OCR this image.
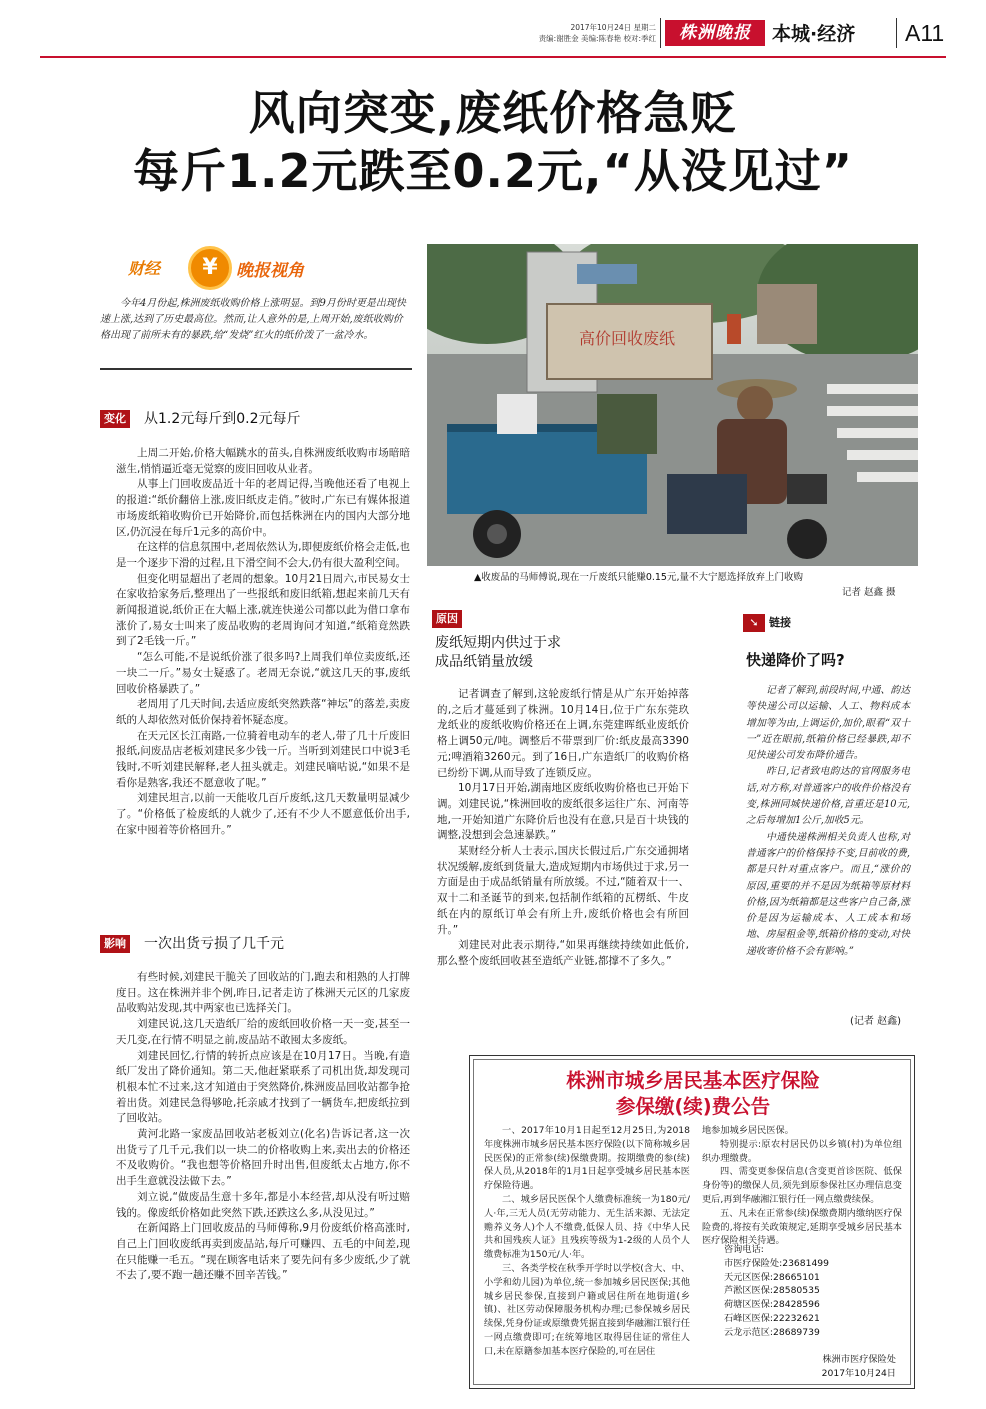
2017年10月24日 星期二
责编:谢胜金 美编:陈春艳 校对:季红	株洲晚报	本城·经济 A11
风向突变,废纸价格急贬
每斤1.2元跌至0.2元,“从没见过”
财经	¥	晚报视角
今年4月份起,株洲废纸收购价格上涨明显。到9月份时更是出现快速上涨,达到了历史最高位。然而,让人意外的是,上周开始,废纸收购价格出现了前所未有的暴跌,给“发烧”红火的纸价泼了一盆冷水。
变化 从1.2元每斤到0.2元每斤

上周二开始,价格大幅跳水的苗头,自株洲废纸收购市场暗暗滋生,悄悄逼近毫无觉察的废旧回收从业者。

从事上门回收废品近十年的老周记得,当晚他还看了电视上的报道:“纸价翻倍上涨,废旧纸皮走俏。”彼时,广东已有媒体报道市场废纸箱收购价已开始降价,而包括株洲在内的国内大部分地区,仍沉浸在每斤1元多的高价中。

在这样的信息氛围中,老周依然认为,即便废纸价格会走低,也是一个逐步下滑的过程,且下滑空间不会大,仍有很大盈利空间。

但变化明显超出了老周的想象。10月21日周六,市民易女士在家收拾家务后,整理出了一些报纸和废旧纸箱,想起来前几天有新闻报道说,纸价正在大幅上涨,就连快递公司都以此为借口拿布涨价了,易女士叫来了废品收购的老周询问才知道,“纸箱竟然跌到了2毛钱一斤。”

“怎么可能,不是说纸价涨了很多吗?上周我们单位卖废纸,还一块二一斤。”易女士疑惑了。老周无奈说,“就这几天的事,废纸回收价格暴跌了。”

老周用了几天时间,去适应废纸突然跌落“神坛”的落差,卖废纸的人却依然对低价保持着怀疑态度。

在天元区长江南路,一位骑着电动车的老人,带了几十斤废旧报纸,问废品店老板刘建民多少钱一斤。当听到刘建民口中说3毛钱时,不听刘建民解释,老人扭头就走。刘建民嘀咕说,“如果不是看你是熟客,我还不愿意收了呢。”

刘建民坦言,以前一天能收几百斤废纸,这几天数量明显减少了。“价格低了检废纸的人就少了,还有不少人不愿意低价出手,在家中囤着等价格回升。”

影响 一次出货亏损了几千元

有些时候,刘建民干脆关了回收站的门,跑去和相熟的人打牌度日。这在株洲并非个例,昨日,记者走访了株洲天元区的几家废品收购站发现,其中两家也已选择关门。

刘建民说,这几天造纸厂给的废纸回收价格一天一变,甚至一天几变,在行情不明显之前,废品站不敢囤太多废纸。

刘建民回忆,行情的转折点应该是在10月17日。当晚,有造纸厂发出了降价通知。第二天,他赶紧联系了司机出货,却发现司机根本忙不过来,这才知道由于突然降价,株洲废品回收站都争抢着出货。刘建民急得够呛,托亲戚才找到了一辆货车,把废纸拉到了回收站。

黄河北路一家废品回收站老板刘立(化名)告诉记者,这一次出货亏了几千元,我们以一块二的价格收购上来,卖出去的价格还不及收购价。“我也想等价格回升时出售,但废纸太占地方,你不出手生意就没法做下去。”

刘立说,“做废品生意十多年,都是小本经营,却从没有听过赔钱的。像废纸价格如此突然下跌,还跌这么多,从没见过。”

在新闻路上门回收废品的马师傅称,9月份废纸价格高涨时,自己上门回收废纸再卖到废品站,每斤可赚四、五毛的中间差,现在只能赚一毛五。“现在顾客电话来了要先问有多少废纸,少了就不去了,要不跑一趟还赚不回辛苦钱。”

高价回收废纸
▲收废品的马师傅说,现在一斤废纸只能赚0.15元,量不大宁愿选择放弃上门收购
记者 赵鑫 摄
原因
废纸短期内供过于求
成品纸销量放缓

记者调查了解到,这轮废纸行情是从广东开始掉落的,之后才蔓延到了株洲。10月14日,位于广东东莞玖龙纸业的废纸收购价格还在上调,东莞建晖纸业废纸价格上调50元/吨。调整后不带票到厂价:纸皮最高3390元;啤酒箱3260元。到了16日,广东造纸厂的收购价格已纷纷下调,从而导致了连锁反应。

10月17日开始,湖南地区废纸收购价格也已开始下调。刘建民说,“株洲回收的废纸很多运往广东、河南等地,一开始知道广东降价后也没有在意,只是百十块钱的调整,没想到会急速暴跌。”

某财经分析人士表示,国庆长假过后,广东交通拥堵状况缓解,废纸到货量大,造成短期内市场供过于求,另一方面是由于成品纸销量有所放缓。不过,“随着双十一、双十二和圣诞节的到来,包括制作纸箱的瓦楞纸、牛皮纸在内的原纸订单会有所上升,废纸价格也会有所回升。”

刘建民对此表示期待,“如果再继续持续如此低价,那么整个废纸回收甚至造纸产业链,都撑不了多久。”

➘ 链接
快递降价了吗?

记者了解到,前段时间,中通、韵达等快递公司以运输、人工、物料成本增加等为由,上调运价,加价,眼看“双十一”近在眼前,纸箱价格已经暴跌,却不见快递公司发布降价通告。

昨日,记者致电韵达的官网服务电话,对方称,对普通客户的收件价格没有变,株洲同城快递价格,首重还是10元,之后每增加1公斤,加收5元。

中通快递株洲相关负责人也称,对普通客户的价格保持不变,目前收的费,都是只针对重点客户。而且,“涨价的原因,重要的并不是因为纸箱等原材料价格,因为纸箱都是这些客户自己备,涨价是因为运输成本、人工成本和场地、房屋租金等,纸箱价格的变动,对快递收寄价格不会有影响。”

(记者 赵鑫)
株洲市城乡居民基本医疗保险
参保缴(续)费公告

一、2017年10月1日起至12月25日,为2018年度株洲市城乡居民基本医疗保险(以下简称城乡居民医保)的正常参(续)保缴费期。按期缴费的参(续)保人员,从2018年的1月1日起享受城乡居民基本医疗保险待遇。

二、城乡居民医保个人缴费标准统一为180元/人·年,三无人员(无劳动能力、无生活来源、无法定赡养义务人)个人不缴费,低保人员、持《中华人民共和国残疾人证》且残疾等级为1-2级的人员个人缴费标准为150元/人·年。

三、各类学校在秋季开学时以学校(含大、中、小学和幼儿园)为单位,统一参加城乡居民医保;其他城乡居民参保,直接到户籍或居住所在地街道(乡镇)、社区劳动保障服务机构办理;已参保城乡居民续保,凭身份证或原缴费凭据直接到华融湘江银行任一网点缴费即可;在统筹地区取得居住证的常住人口,未在原籍参加基本医疗保险的,可在居住

地参加城乡居民医保。

特别提示:原农村居民仍以乡镇(村)为单位组织办理缴费。

四、需变更参保信息(含变更首诊医院、低保身份等)的缴保人员,须先到原参保社区办理信息变更后,再到华融湘江银行任一网点缴费续保。

五、凡未在正常参(续)保缴费期内缴纳医疗保险费的,将按有关政策规定,延期享受城乡居民基本医疗保险相关待遇。

咨询电话:
市医疗保险处:23681499
天元区医保:28665101
芦淞区医保:28580535
荷塘区医保:28428596
石峰区医保:22232621
云龙示范区:28689739
株洲市医疗保险处
2017年10月24日
